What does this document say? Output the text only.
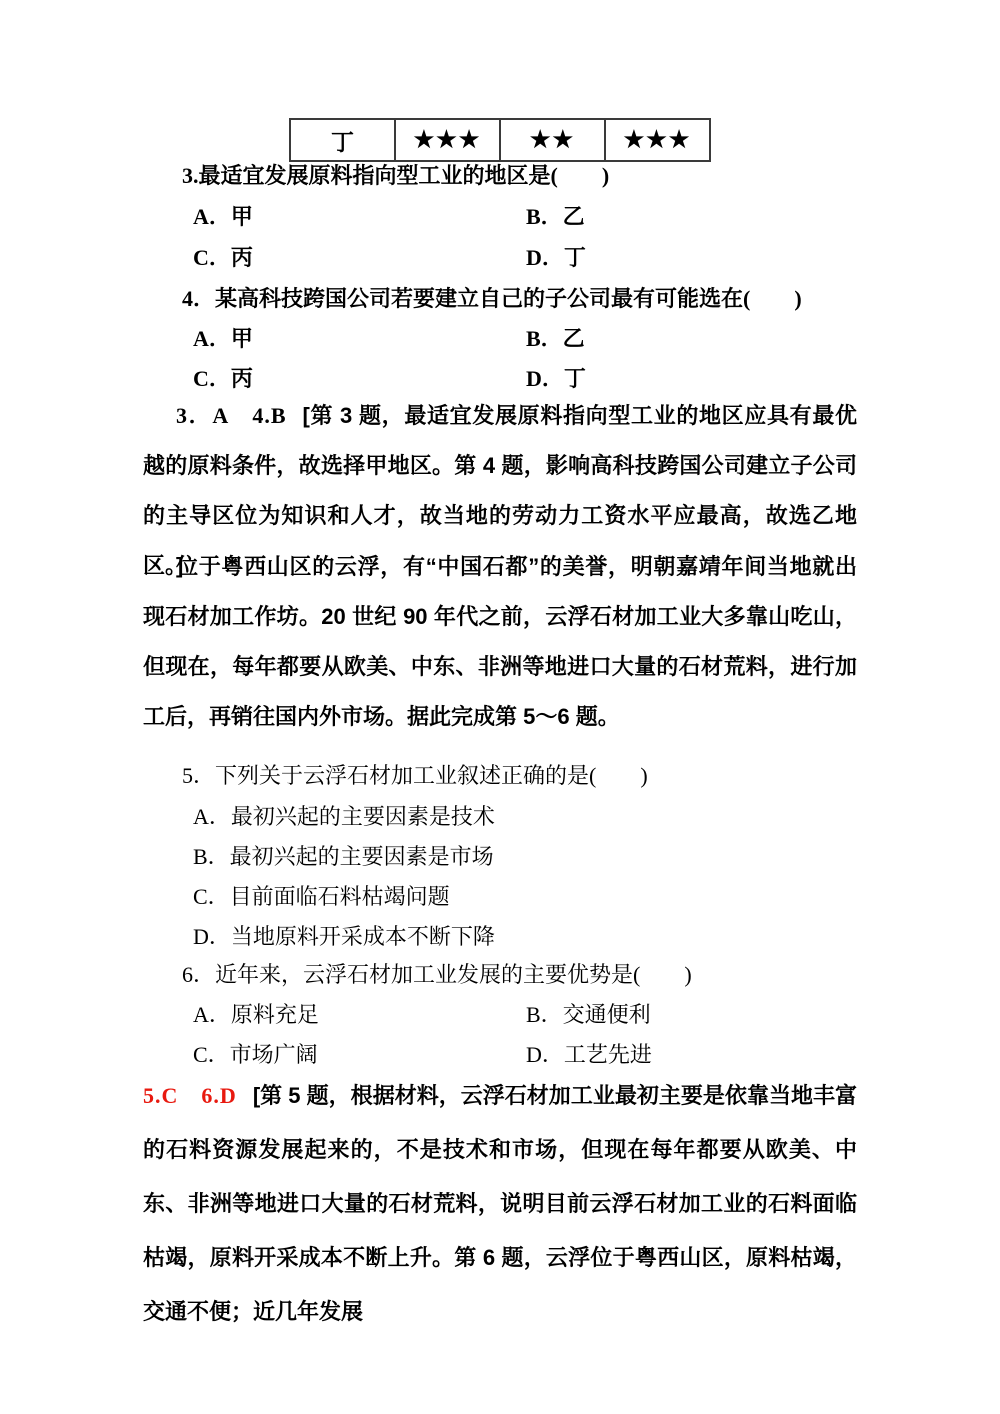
丁	★★★	★★	★★★
3.最适宜发展原料指向型工业的地区是(　　)
A．甲	B．乙
C．丙	D．丁
4．某高科技跨国公司若要建立自己的子公司最有可能选在(　　)
A．甲	B．乙
C．丙	D．丁
3．A　4.B [第 3 题，最适宜发展原料指向型工业的地区应具有最优越的原料条件，故选择甲地区。第 4 题，影响高科技跨国公司建立子公司的主导区位为知识和人才，故当地的劳动力工资水平应最高，故选乙地区。]
位于粤西山区的云浮，有“中国石都”的美誉，明朝嘉靖年间当地就出现石材加工作坊。20 世纪 90 年代之前，云浮石材加工业大多靠山吃山，但现在，每年都要从欧美、中东、非洲等地进口大量的石材荒料，进行加工后，再销往国内外市场。据此完成第 5～6 题。
5．下列关于云浮石材加工业叙述正确的是(　　)
A．最初兴起的主要因素是技术
B．最初兴起的主要因素是市场
C．目前面临石料枯竭问题
D．当地原料开采成本不断下降
6．近年来，云浮石材加工业发展的主要优势是(　　)
A．原料充足	B．交通便利
C．市场广阔	D．工艺先进
5.C　6.D [第 5 题，根据材料，云浮石材加工业最初主要是依靠当地丰富的石料资源发展起来的，不是技术和市场，但现在每年都要从欧美、中东、非洲等地进口大量的石材荒料，说明目前云浮石材加工业的石料面临枯竭，原料开采成本不断上升。第 6 题，云浮位于粤西山区，原料枯竭，交通不便；近几年发展
